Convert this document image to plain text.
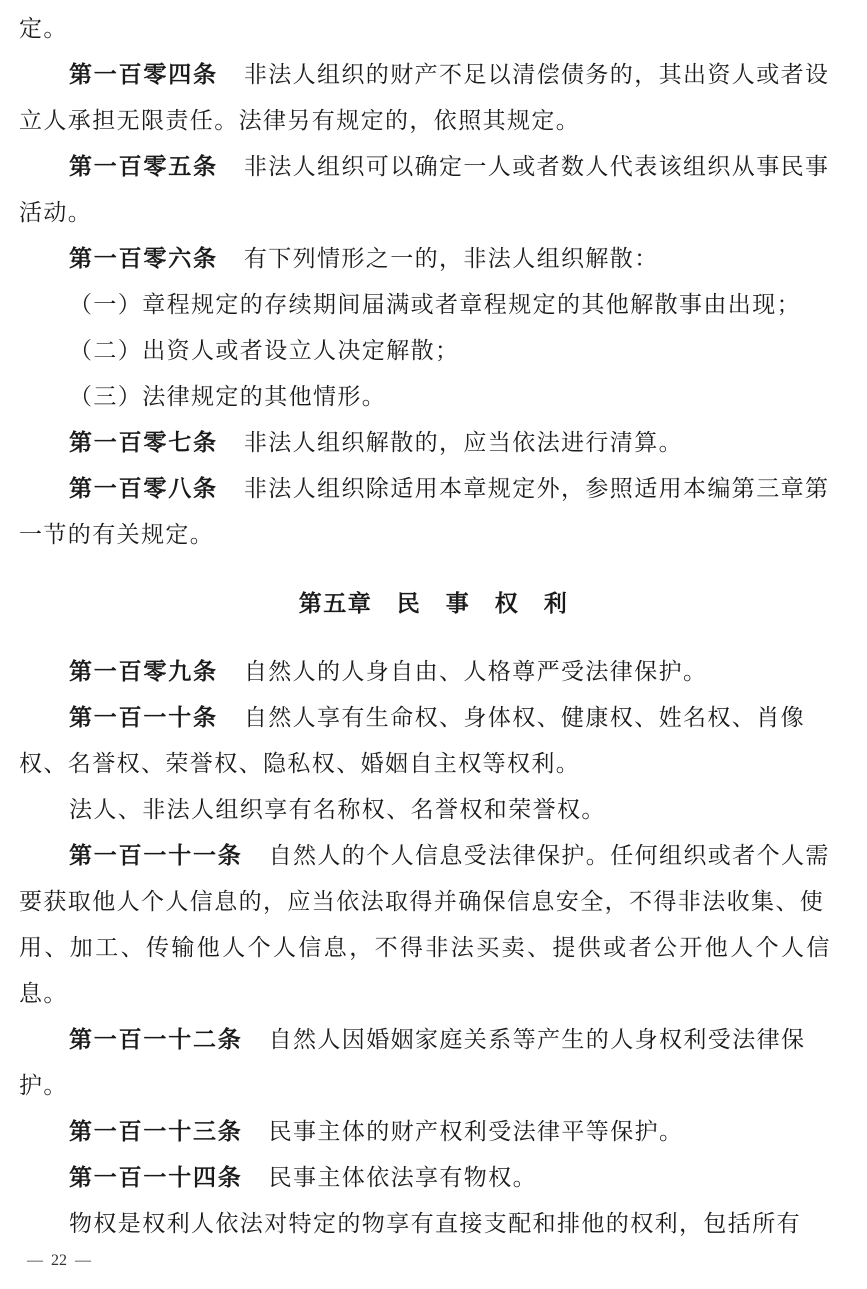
定。
第一百零四条 非法人组织的财产不足以清偿债务的，其出资人或者设
立人承担无限责任。法律另有规定的，依照其规定。
第一百零五条 非法人组织可以确定一人或者数人代表该组织从事民事
活动。
第一百零六条 有下列情形之一的，非法人组织解散：
（一）章程规定的存续期间届满或者章程规定的其他解散事由出现；
（二）出资人或者设立人决定解散；
（三）法律规定的其他情形。
第一百零七条 非法人组织解散的，应当依法进行清算。
第一百零八条 非法人组织除适用本章规定外，参照适用本编第三章第
一节的有关规定。
第五章　民　事　权　利
第一百零九条 自然人的人身自由、人格尊严受法律保护。
第一百一十条 自然人享有生命权、身体权、健康权、姓名权、肖像
权、名誉权、荣誉权、隐私权、婚姻自主权等权利。
法人、非法人组织享有名称权、名誉权和荣誉权。
第一百一十一条 自然人的个人信息受法律保护。任何组织或者个人需
要获取他人个人信息的，应当依法取得并确保信息安全，不得非法收集、使
用、加工、传输他人个人信息，不得非法买卖、提供或者公开他人个人信
息。
第一百一十二条 自然人因婚姻家庭关系等产生的人身权利受法律保
护。
第一百一十三条 民事主体的财产权利受法律平等保护。
第一百一十四条 民事主体依法享有物权。
物权是权利人依法对特定的物享有直接支配和排他的权利，包括所有
— 22 —
